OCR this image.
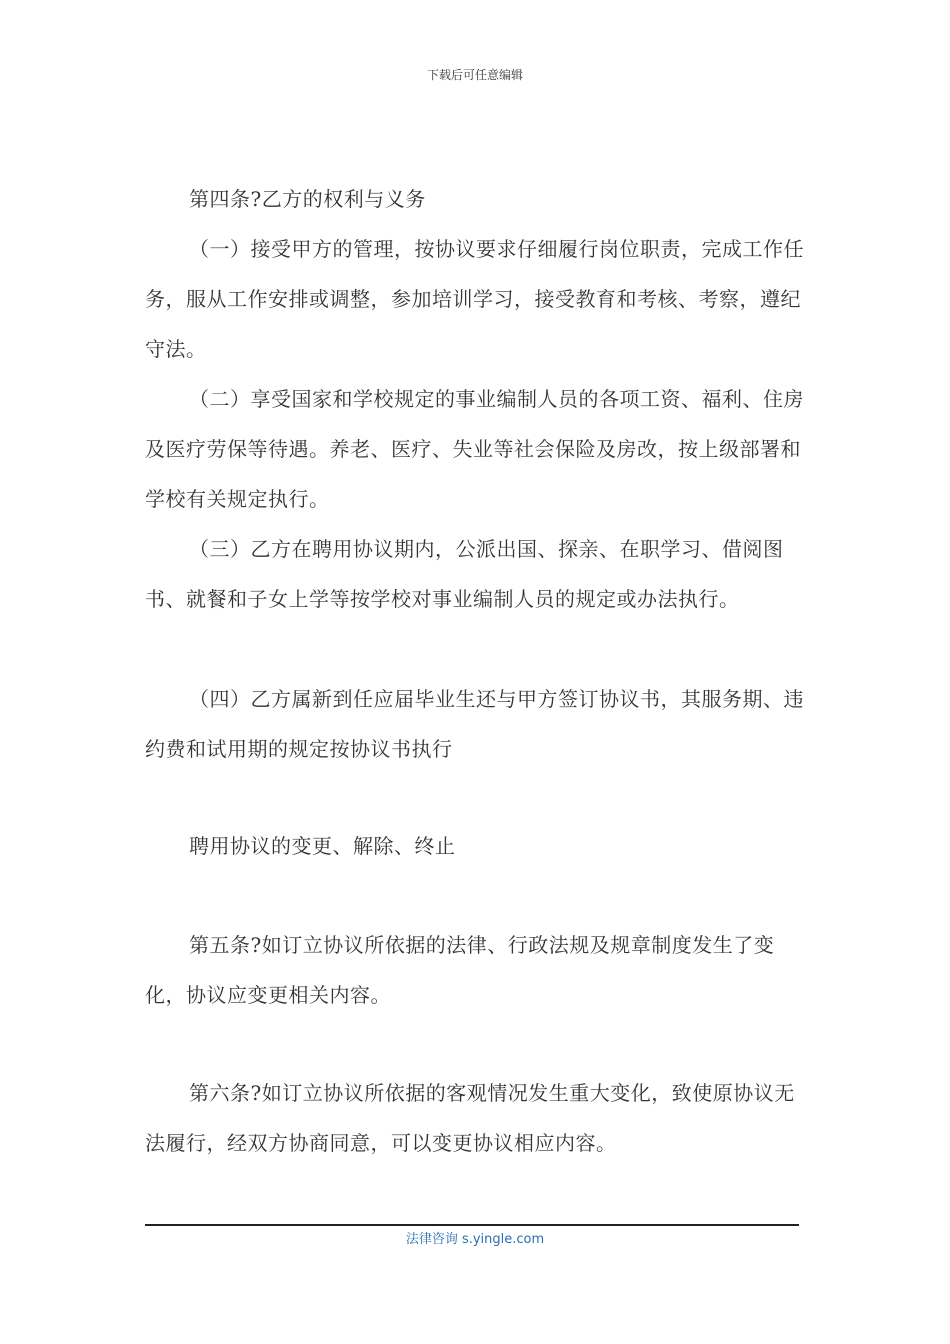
下载后可任意编辑

第四条?乙方的权利与义务

（一）接受甲方的管理，按协议要求仔细履行岗位职责，完成工作任务，服从工作安排或调整，参加培训学习，接受教育和考核、考察，遵纪守法。

（二）享受国家和学校规定的事业编制人员的各项工资、福利、住房及医疗劳保等待遇。养老、医疗、失业等社会保险及房改，按上级部署和学校有关规定执行。

（三）乙方在聘用协议期内，公派出国、探亲、在职学习、借阅图书、就餐和子女上学等按学校对事业编制人员的规定或办法执行。

（四）乙方属新到任应届毕业生还与甲方签订协议书，其服务期、违约费和试用期的规定按协议书执行

聘用协议的变更、解除、终止

第五条?如订立协议所依据的法律、行政法规及规章制度发生了变化，协议应变更相关内容。

第六条?如订立协议所依据的客观情况发生重大变化，致使原协议无法履行，经双方协商同意，可以变更协议相应内容。

法律咨询 s.yingle.com
